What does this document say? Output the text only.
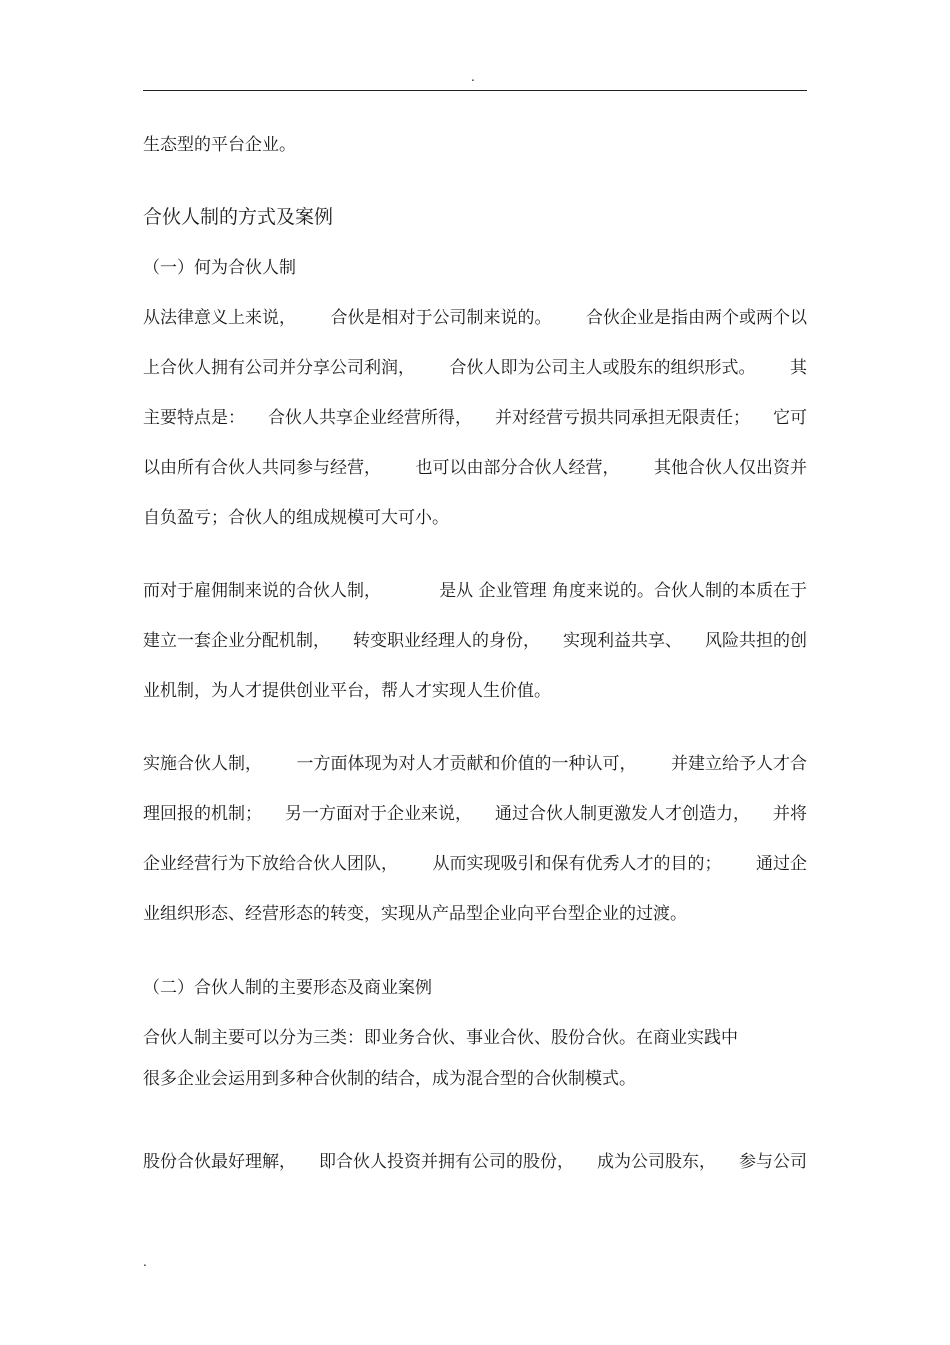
.
生态型的平台企业。
合伙人制的方式及案例
（一）何为合伙人制
从法律意义上来说， 合伙是相对于公司制来说的。 合伙企业是指由两个或两个以
上合伙人拥有公司并分享公司利润， 合伙人即为公司主人或股东的组织形式。 其
主要特点是： 合伙人共享企业经营所得， 并对经营亏损共同承担无限责任； 它可
以由所有合伙人共同参与经营， 也可以由部分合伙人经营， 其他合伙人仅出资并
自负盈亏；合伙人的组成规模可大可小。
而对于雇佣制来说的合伙人制，	是从 企业管理 角度来说的。合伙人制的本质在于
建立一套企业分配机制， 转变职业经理人的身份， 实现利益共享、 风险共担的创
业机制，为人才提供创业平台，帮人才实现人生价值。
实施合伙人制， 一方面体现为对人才贡献和价值的一种认可， 并建立给予人才合
理回报的机制； 另一方面对于企业来说， 通过合伙人制更激发人才创造力， 并将
企业经营行为下放给合伙人团队， 从而实现吸引和保有优秀人才的目的； 通过企
业组织形态、经营形态的转变，实现从产品型企业向平台型企业的过渡。
（二）合伙人制的主要形态及商业案例
合伙人制主要可以分为三类：即业务合伙、事业合伙、股份合伙。在商业实践中
很多企业会运用到多种合伙制的结合，成为混合型的合伙制模式。
股份合伙最好理解， 即合伙人投资并拥有公司的股份， 成为公司股东， 参与公司
.
